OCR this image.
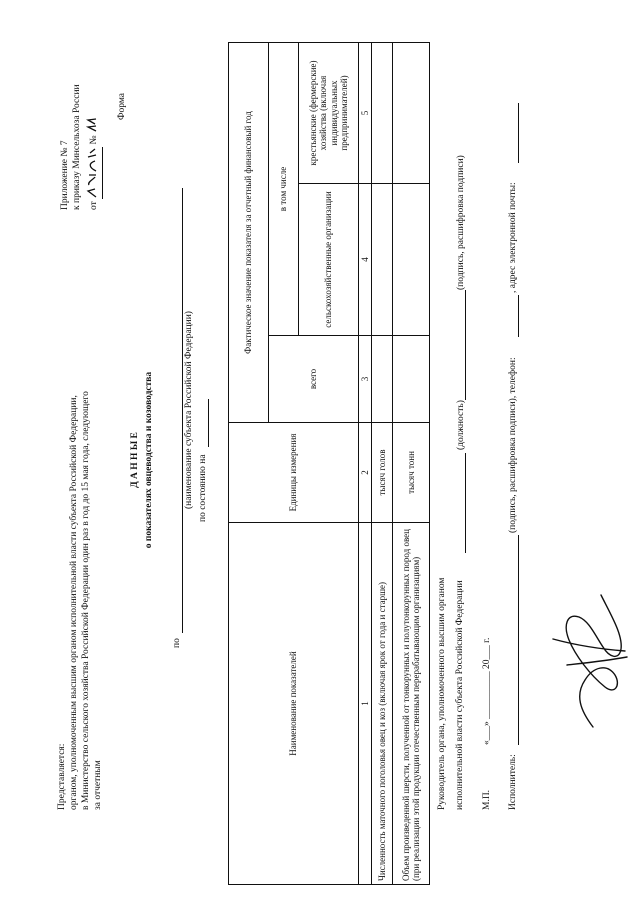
Приложение № 7 к приказу Минсельхоза России от  №
Форма
Представляется: органом, уполномоченным высшим органом исполнительной власти субъекта Российской Федерации, в Министерство сельского хозяйства Российской Федерации один раз в год до 15 мая года, следующего за отчетным
Д А Н Н Ы Е о показателях овцеводства и козоводства
по
(наименование субъекта Российской Федерации) по состоянию на
Наименование показателей	Единицы измерения	Фактическое значение показателя за отчетный финансовый год		
		всего	в том числе	
			сельскохозяйственные организации	крестьянские (фермерские) хозяйства (включая индивидуальных предпринимателей)
1	2	3	4	5
Численность маточного поголовья овец и коз (включая ярок от года и старше)	тысяч голов			
Объем произведенной шерсти, полученной от тонкорунных и полутонкорунных пород овец (при реализации этой продукции отечественным перерабатывающим организациям)	тысяч тонн			
Руководитель органа, уполномоченного высшим органом исполнительной власти субъекта Российской Федерации
(должность)
(подпись, расшифровка подписи)
М.П.
«___» __________ 20___ г.
Исполнитель:
(подпись, расшифровка подписи), телефон:
, адрес электронной почты:
